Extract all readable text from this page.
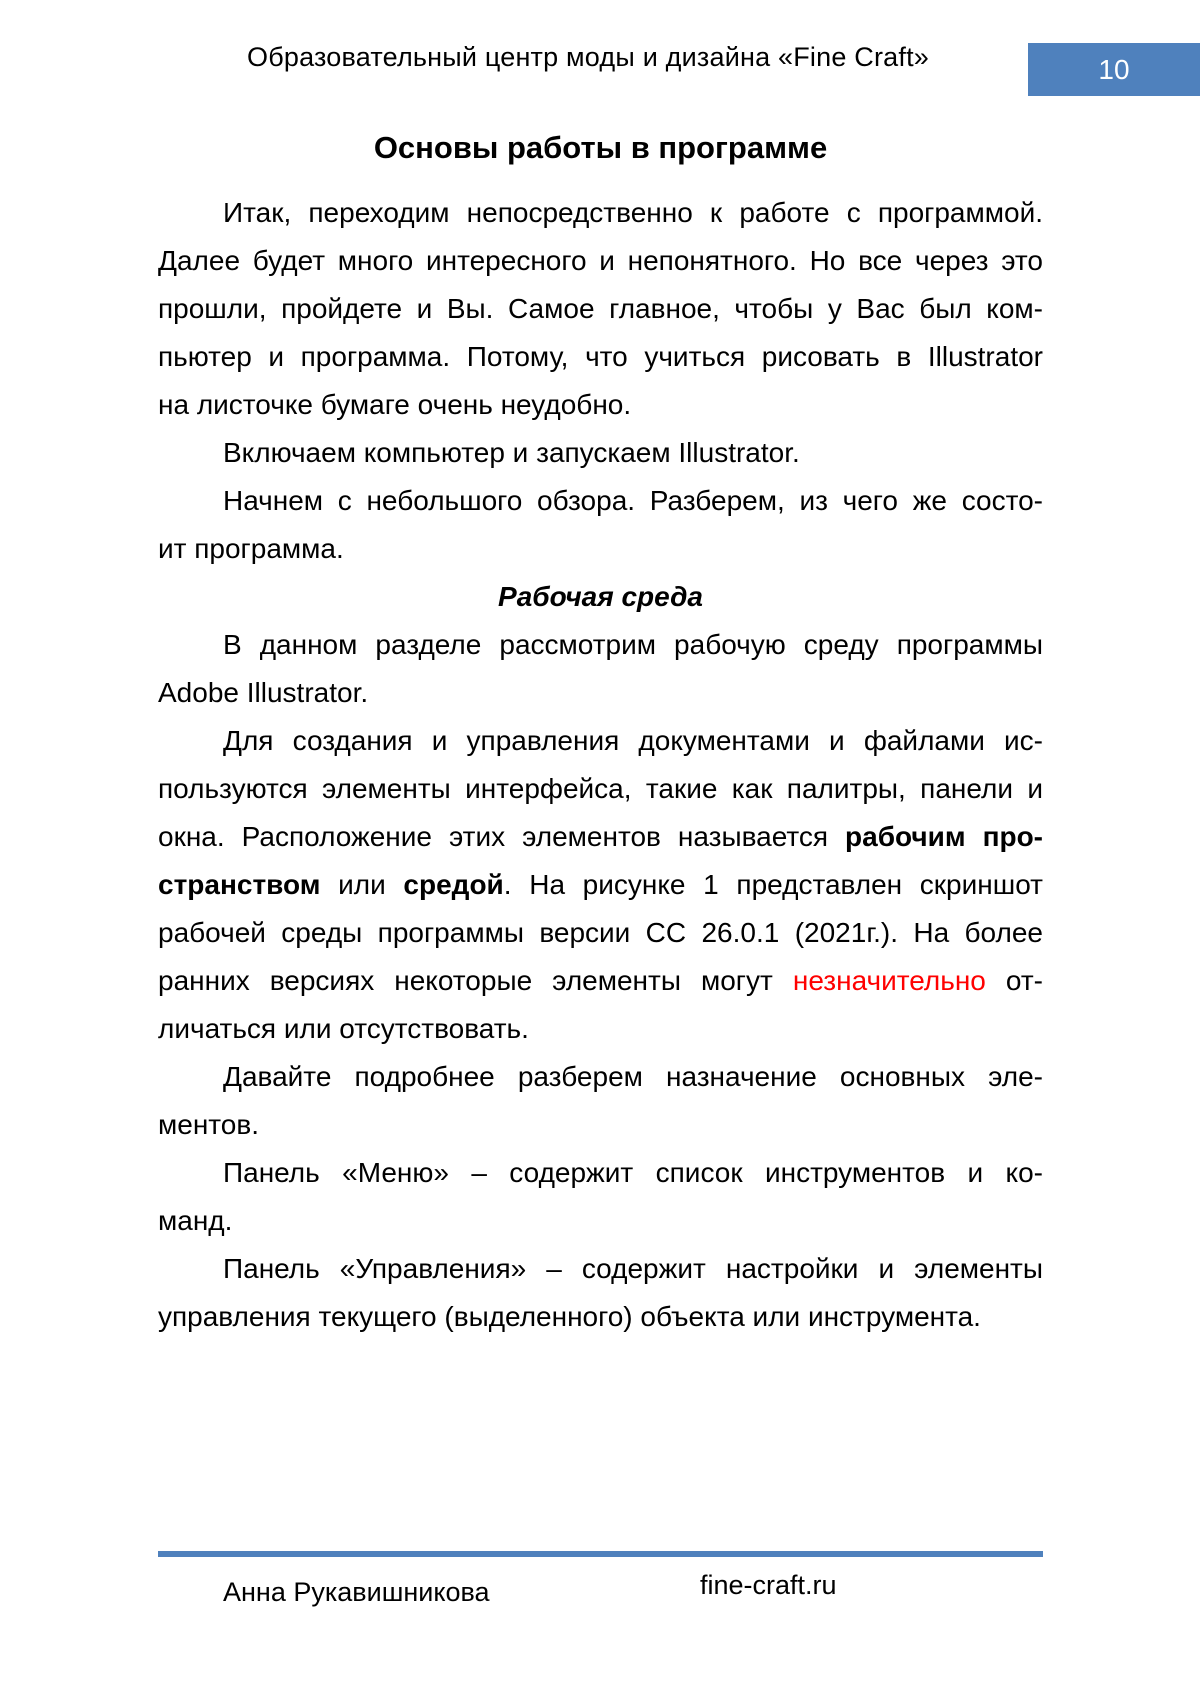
Образовательный центр моды и дизайна «Fine Craft»	10
Основы работы в программе
Итак, переходим непосредственно к работе с программой.
Далее будет много интересного и непонятного. Но все через это
прошли, пройдете и Вы. Самое главное, чтобы у Вас был ком-
пьютер и программа. Потому, что учиться рисовать в Illustrator
на листочке бумаге очень неудобно.
Включаем компьютер и запускаем Illustrator.
Начнем с небольшого обзора. Разберем, из чего же состо-
ит программа.
Рабочая среда
В данном разделе рассмотрим рабочую среду программы
Adobe Illustrator.
Для создания и управления документами и файлами ис-
пользуются элементы интерфейса, такие как палитры, панели и
окна. Расположение этих элементов называется рабочим про-
странством или средой. На рисунке 1 представлен скриншот
рабочей среды программы версии СС 26.0.1 (2021г.). На более
ранних версиях некоторые элементы могут незначительно от-
личаться или отсутствовать.
Давайте подробнее разберем назначение основных эле-
ментов.
Панель «Меню» – содержит список инструментов и ко-
манд.
Панель «Управления» – содержит настройки и элементы
управления текущего (выделенного) объекта или инструмента.
Анна Рукавишникова	fine-craft.ru
